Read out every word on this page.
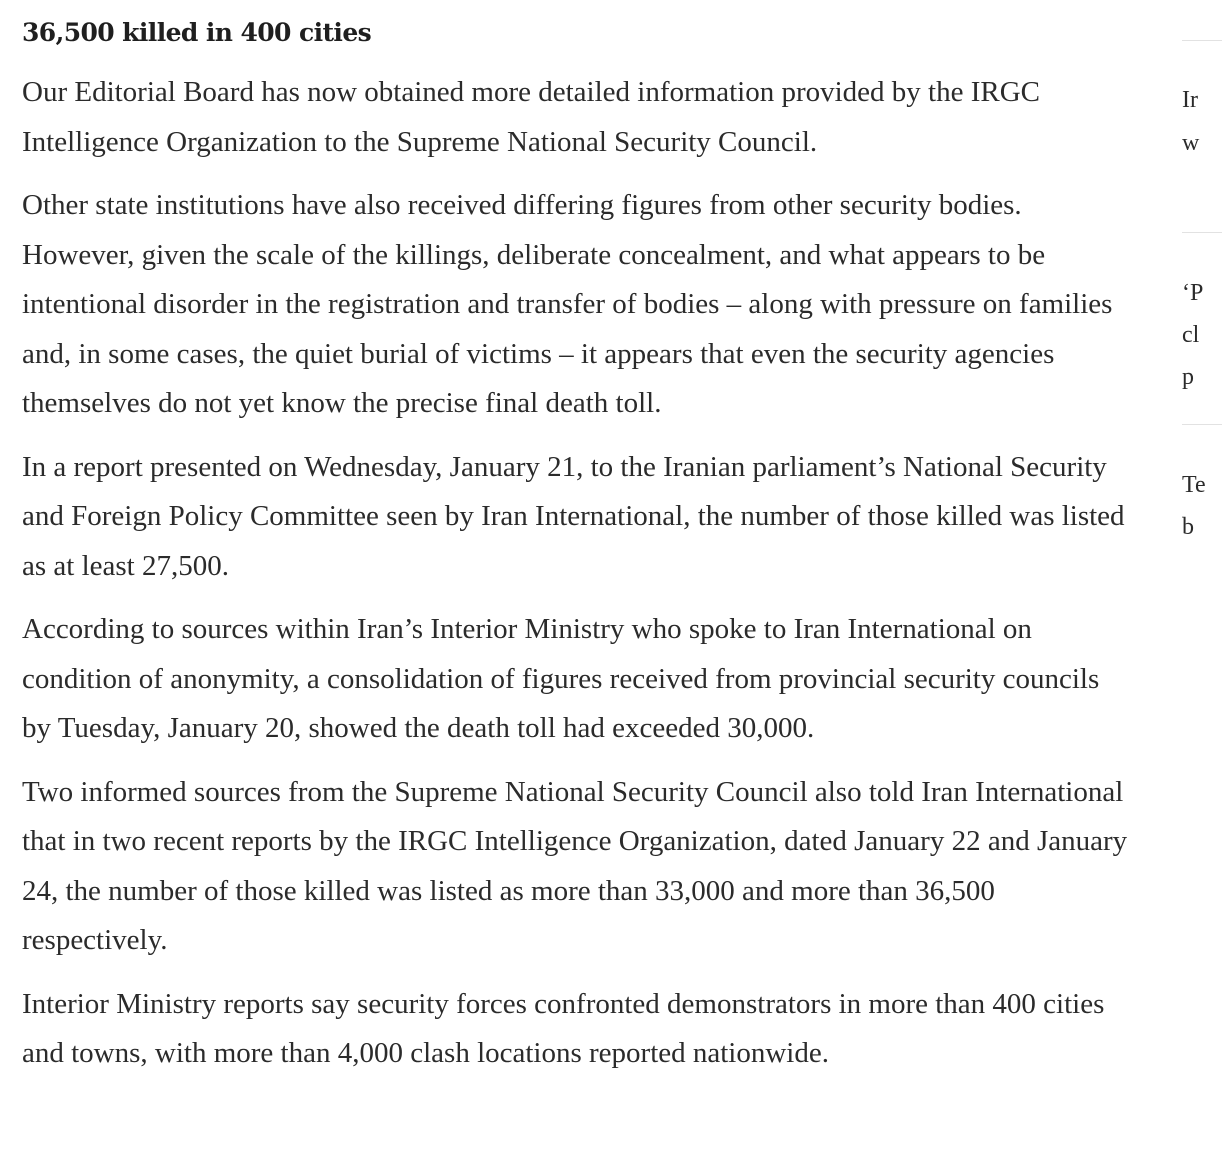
36,500 killed in 400 cities

Our Editorial Board has now obtained more detailed information provided by the IRGC Intelligence Organization to the Supreme National Security Council.

Other state institutions have also received differing figures from other security bodies. However, given the scale of the killings, deliberate concealment, and what appears to be intentional disorder in the registration and transfer of bodies – along with pressure on families and, in some cases, the quiet burial of victims – it appears that even the security agencies themselves do not yet know the precise final death toll.

In a report presented on Wednesday, January 21, to the Iranian parliament’s National Security and Foreign Policy Committee seen by Iran International, the number of those killed was listed as at least 27,500.

According to sources within Iran’s Interior Ministry who spoke to Iran International on condition of anonymity, a consolidation of figures received from provincial security councils by Tuesday, January 20, showed the death toll had exceeded 30,000.

Two informed sources from the Supreme National Security Council also told Iran International that in two recent reports by the IRGC Intelligence Organization, dated January 22 and January 24, the number of those killed was listed as more than 33,000 and more than 36,500 respectively.

Interior Ministry reports say security forces confronted demonstrators in more than 400 cities and towns, with more than 4,000 clash locations reported nationwide.

Ir
w
‘P
cl
p
Te
b
